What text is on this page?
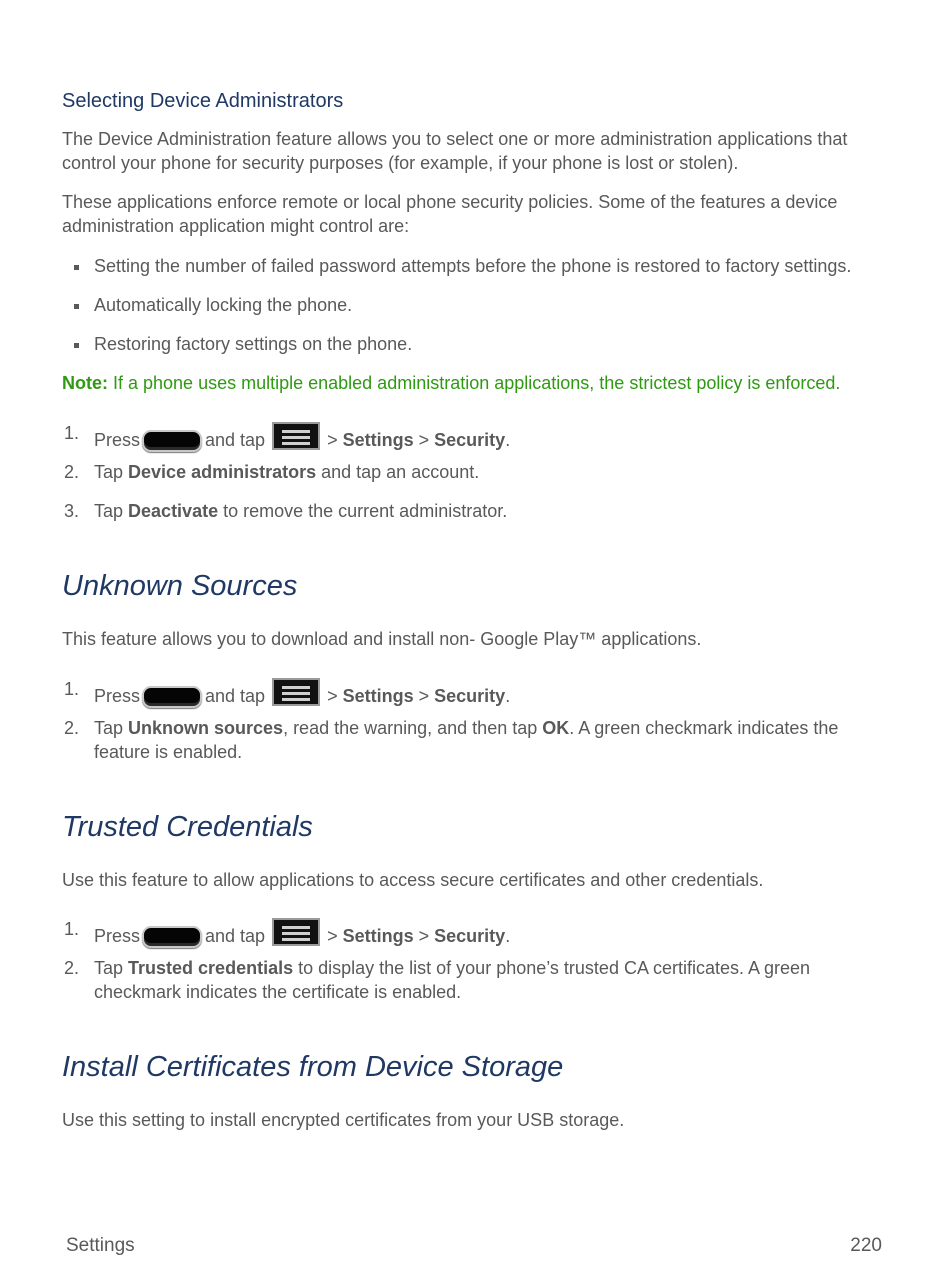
Selecting Device Administrators

The Device Administration feature allows you to select one or more administration applications that control your phone for security purposes (for example, if your phone is lost or stolen).

These applications enforce remote or local phone security policies. Some of the features a device administration application might control are:

Setting the number of failed password attempts before the phone is restored to factory settings.
Automatically locking the phone.
Restoring factory settings on the phone.
Note: If a phone uses multiple enabled administration applications, the strictest policy is enforced.
1. Press	and tap	> Settings > Security.
2. Tap Device administrators and tap an account.
3. Tap Deactivate to remove the current administrator.
Unknown Sources

This feature allows you to download and install non- Google Play™ applications.

1. Press	and tap	> Settings > Security.
2. Tap Unknown sources, read the warning, and then tap OK. A green checkmark indicates the feature is enabled.
Trusted Credentials

Use this feature to allow applications to access secure certificates and other credentials.

1. Press	and tap	> Settings > Security.
2. Tap Trusted credentials to display the list of your phone’s trusted CA certificates. A green checkmark indicates the certificate is enabled.
Install Certificates from Device Storage

Use this setting to install encrypted certificates from your USB storage.

Settings	220
